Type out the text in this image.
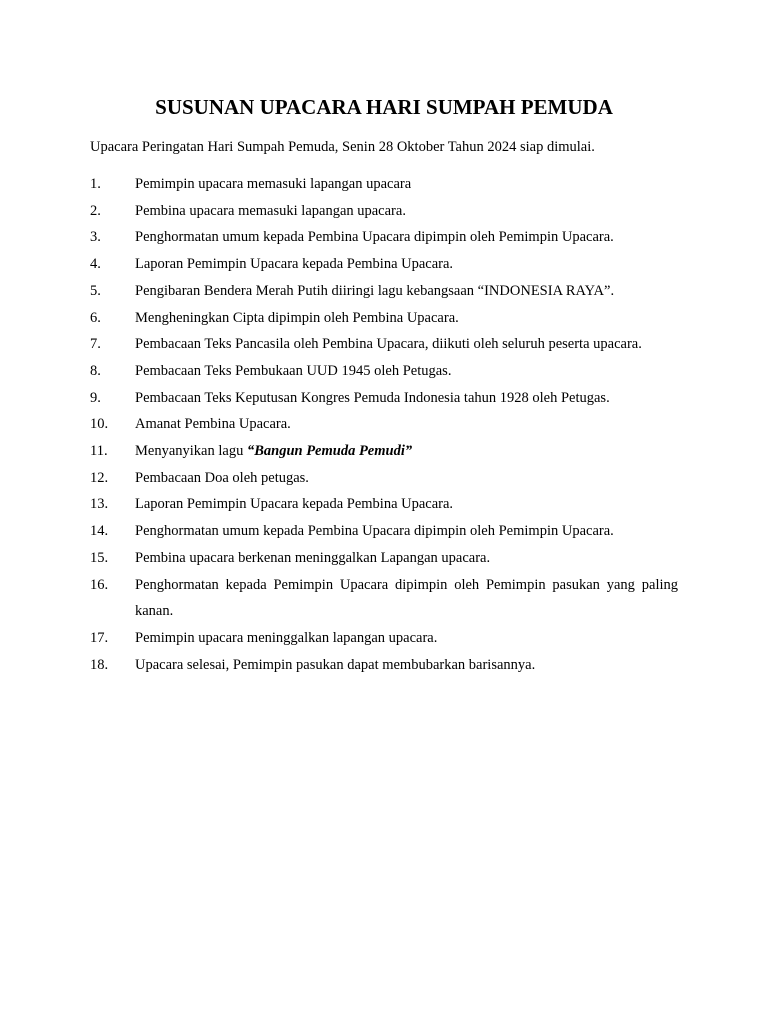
SUSUNAN UPACARA HARI SUMPAH PEMUDA

Upacara Peringatan Hari Sumpah Pemuda, Senin 28 Oktober Tahun 2024 siap dimulai.

1.	Pemimpin upacara memasuki lapangan upacara
2.	Pembina upacara memasuki lapangan upacara.
3.	Penghormatan umum kepada Pembina Upacara dipimpin oleh Pemimpin Upacara.
4.	Laporan Pemimpin Upacara kepada Pembina Upacara.
5.	Pengibaran Bendera Merah Putih diiringi lagu kebangsaan “INDONESIA RAYA”.
6.	Mengheningkan Cipta dipimpin oleh Pembina Upacara.
7.	Pembacaan Teks Pancasila oleh Pembina Upacara, diikuti oleh seluruh peserta upacara.
8.	Pembacaan Teks Pembukaan UUD 1945 oleh Petugas.
9.	Pembacaan Teks Keputusan Kongres Pemuda Indonesia tahun 1928 oleh Petugas.
10.	Amanat Pembina Upacara.
11.	Menyanyikan lagu “Bangun Pemuda Pemudi”
12.	Pembacaan Doa oleh petugas.
13.	Laporan Pemimpin Upacara kepada Pembina Upacara.
14.	Penghormatan umum kepada Pembina Upacara dipimpin oleh Pemimpin Upacara.
15.	Pembina upacara berkenan meninggalkan Lapangan upacara.
16.	Penghormatan kepada Pemimpin Upacara dipimpin oleh Pemimpin pasukan yang paling kanan.
17.	Pemimpin upacara meninggalkan lapangan upacara.
18.	Upacara selesai, Pemimpin pasukan dapat membubarkan barisannya.
